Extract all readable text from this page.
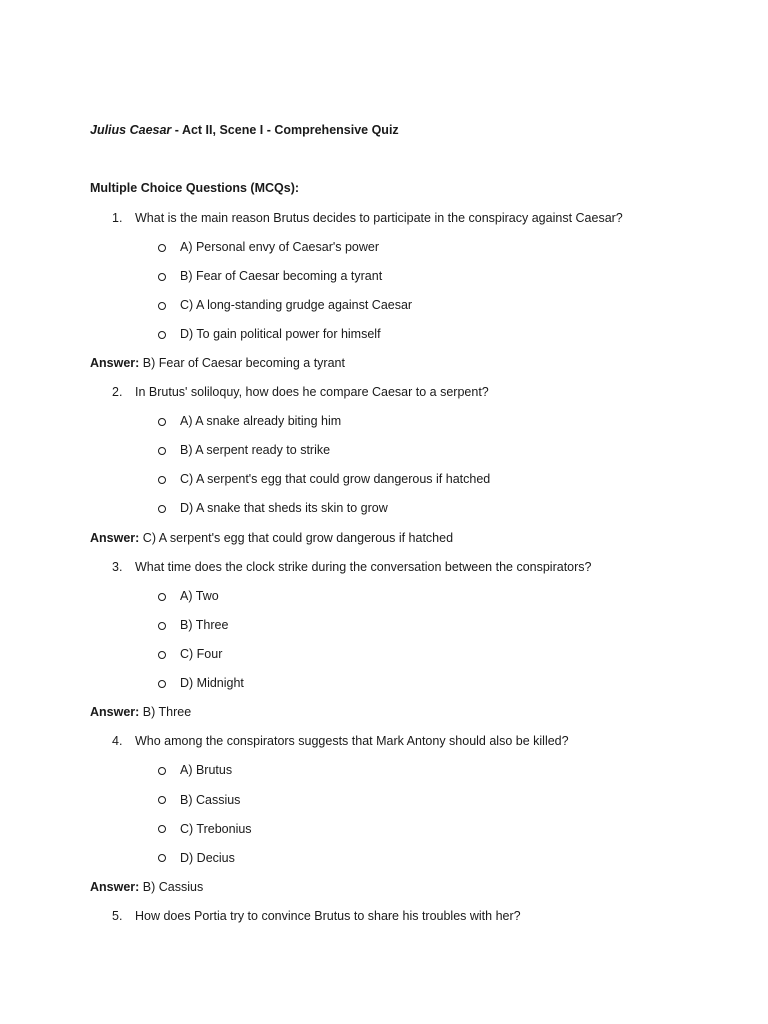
Julius Caesar - Act II, Scene I - Comprehensive Quiz

Multiple Choice Questions (MCQs):

1. What is the main reason Brutus decides to participate in the conspiracy against Caesar?

A) Personal envy of Caesar's power

B) Fear of Caesar becoming a tyrant

C) A long-standing grudge against Caesar

D) To gain political power for himself

Answer: B) Fear of Caesar becoming a tyrant

2. In Brutus' soliloquy, how does he compare Caesar to a serpent?

A) A snake already biting him

B) A serpent ready to strike

C) A serpent's egg that could grow dangerous if hatched

D) A snake that sheds its skin to grow

Answer: C) A serpent's egg that could grow dangerous if hatched

3. What time does the clock strike during the conversation between the conspirators?

A) Two

B) Three

C) Four

D) Midnight

Answer: B) Three

4. Who among the conspirators suggests that Mark Antony should also be killed?

A) Brutus

B) Cassius

C) Trebonius

D) Decius

Answer: B) Cassius

5. How does Portia try to convince Brutus to share his troubles with her?
